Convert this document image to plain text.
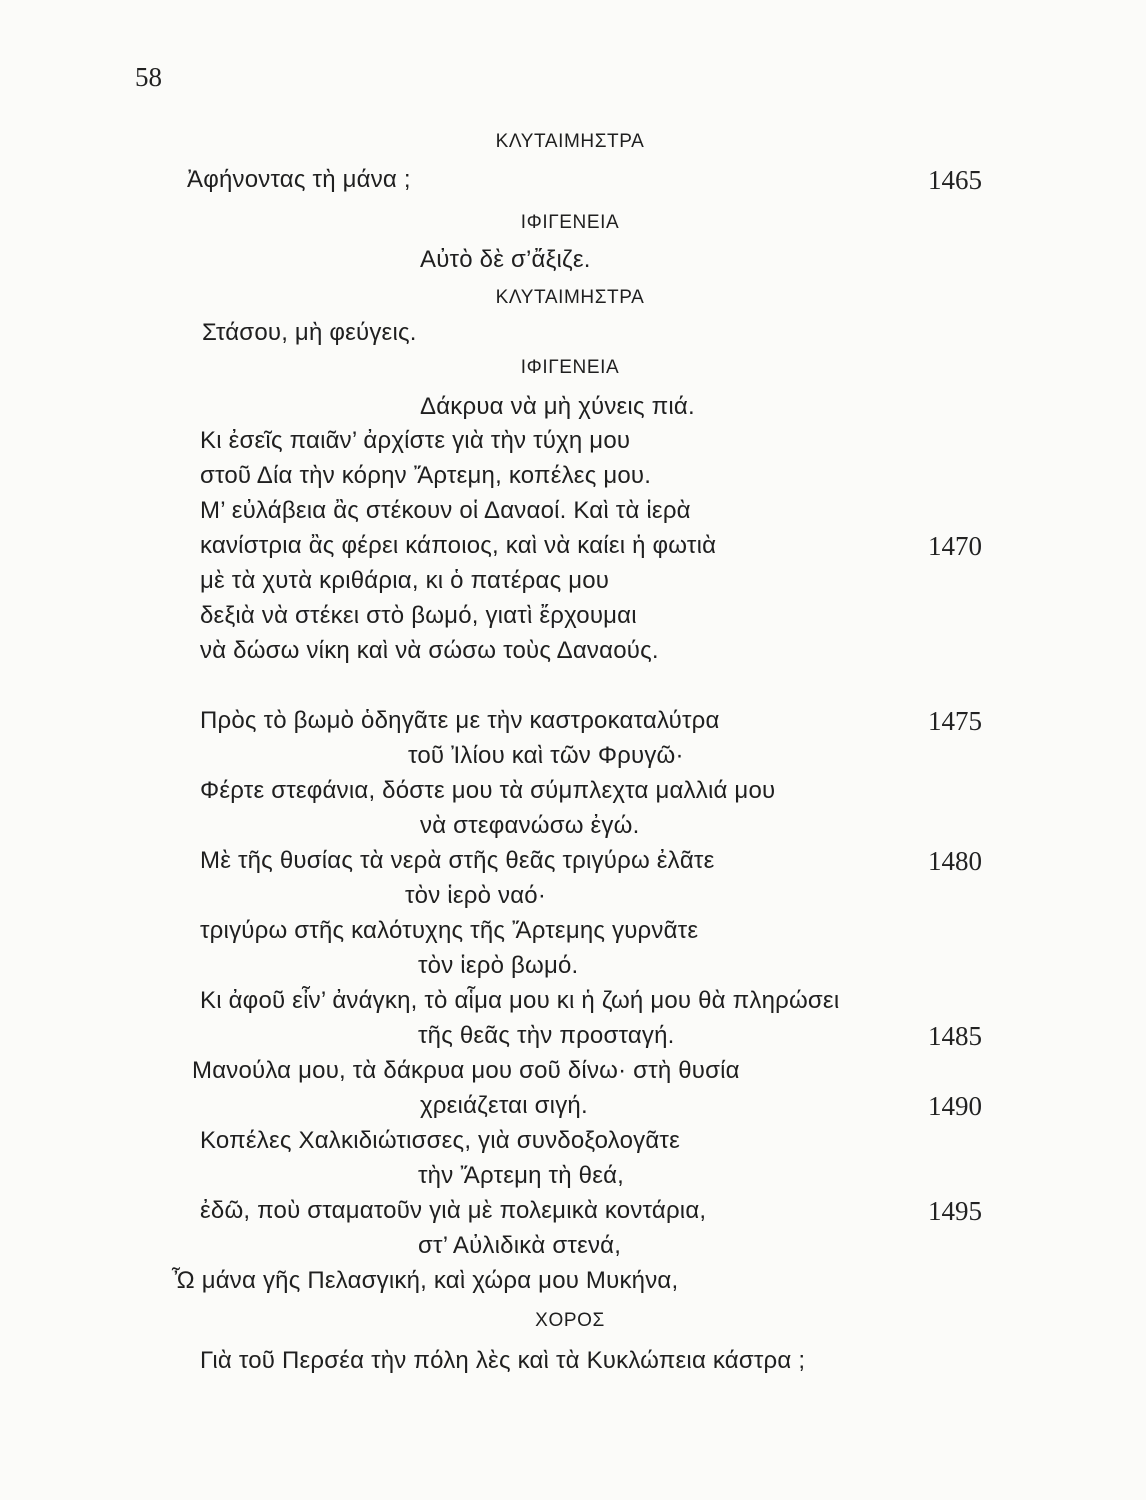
58
ΚΛΥΤΑΙΜΗΣΤΡΑ
Ἀφήνοντας τὴ μάνα ;	1465
ΙΦΙΓΕΝΕΙΑ
Αὐτὸ δὲ σ’ἄξιζε.
ΚΛΥΤΑΙΜΗΣΤΡΑ
Στάσου, μὴ φεύγεις.
ΙΦΙΓΕΝΕΙΑ
Δάκρυα νὰ μὴ χύνεις πιά.
Κι ἐσεῖς παιᾶν’ ἀρχίστε γιὰ τὴν τύχη μου
στοῦ Δία τὴν κόρην Ἄρτεμη, κοπέλες μου.
Μ’ εὐλάβεια ἂς στέκουν οἱ Δαναοί. Καὶ τὰ ἱερὰ
κανίστρια ἂς φέρει κάποιος, καὶ νὰ καίει ἡ φωτιὰ	1470
μὲ τὰ χυτὰ κριθάρια, κι ὁ πατέρας μου
δεξιὰ νὰ στέκει στὸ βωμό, γιατὶ ἔρχουμαι
νὰ δώσω νίκη καὶ νὰ σώσω τοὺς Δαναούς.
Πρὸς τὸ βωμὸ ὁδηγᾶτε με τὴν καστροκαταλύτρα	1475
τοῦ Ἰλίου καὶ τῶν Φρυγῶ·
Φέρτε στεφάνια, δόστε μου τὰ σύμπλεχτα μαλλιά μου
νὰ στεφανώσω ἐγώ.
Μὲ τῆς θυσίας τὰ νερὰ στῆς θεᾶς τριγύρω ἐλᾶτε	1480
τὸν ἱερὸ ναό·
τριγύρω στῆς καλότυχης τῆς Ἄρτεμης γυρνᾶτε
τὸν ἱερὸ βωμό.
Κι ἀφοῦ εἶν’ ἀνάγκη, τὸ αἷμα μου κι ἡ ζωή μου θὰ πληρώσει
τῆς θεᾶς τὴν προσταγή.	1485
Μανούλα μου, τὰ δάκρυα μου σοῦ δίνω· στὴ θυσία
χρειάζεται σιγή.	1490
Κοπέλες Χαλκιδιώτισσες, γιὰ συνδοξολογᾶτε
τὴν Ἄρτεμη τὴ θεά,
ἐδῶ, ποὺ σταματοῦν γιὰ μὲ πολεμικὰ κοντάρια,	1495
στ’ Αὐλιδικὰ στενά,
Ὦ μάνα γῆς Πελασγική, καὶ χώρα μου Μυκήνα,
ΧΟΡΟΣ
Γιὰ τοῦ Περσέα τὴν πόλη λὲς καὶ τὰ Κυκλώπεια κάστρα ;
